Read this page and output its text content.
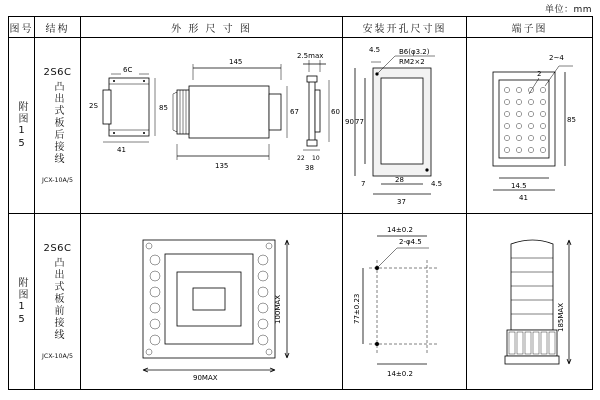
单位：mm
图号	结构	外 形 尺 寸 图	安装开孔尺寸图	端子图

附图15

2S6C
凸出式板后接线
JCX-10A/5

6C
2S	85
41
145
135
67
2.5max
60
22 10
38

B6(φ3.2)
RM2×2
4.5
77
90
28
37
7	4.5

2~4
2
85
14.5
41

附图15

2S6C
凸出式板前接线
JCX-10A/5

100MAX
90MAX

2-φ4.5
14±0.2
77±0.23
14±0.2

185MAX
